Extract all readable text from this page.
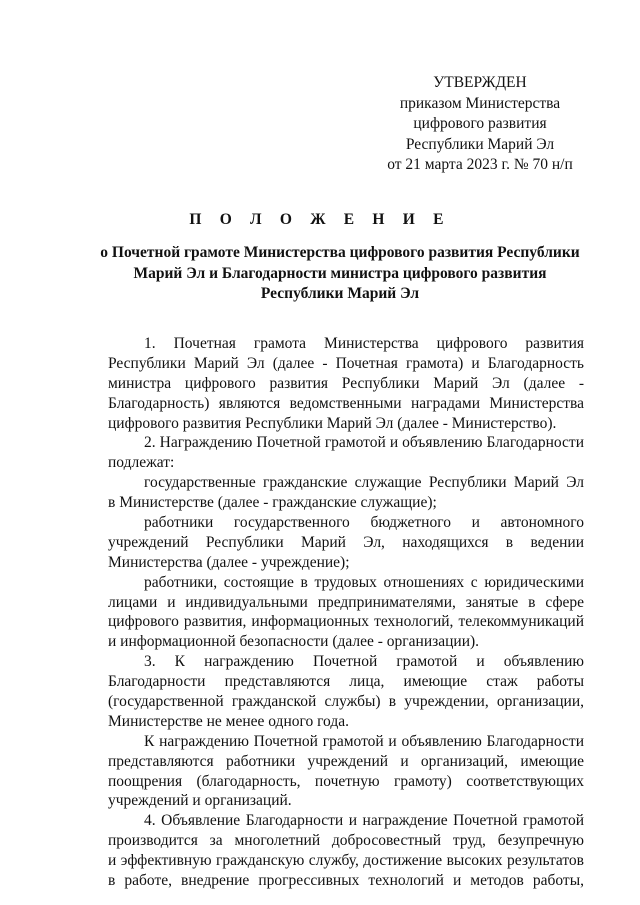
УТВЕРЖДЕН
приказом Министерства
цифрового развития
Республики Марий Эл
от 21 марта 2023 г. № 70 н/п
П О Л О Ж Е Н И Е
о Почетной грамоте Министерства цифрового развития Республики
Марий Эл и Благодарности министра цифрового развития
Республики Марий Эл
1. Почетная грамота Министерства цифрового развития
Республики Марий Эл (далее - Почетная грамота) и Благодарность
министра цифрового развития Республики Марий Эл (далее -
Благодарность) являются ведомственными наградами Министерства
цифрового развития Республики Марий Эл (далее - Министерство).
2. Награждению Почетной грамотой и объявлению Благодарности
подлежат:
государственные гражданские служащие Республики Марий Эл
в Министерстве (далее - гражданские служащие);
работники государственного бюджетного и автономного
учреждений Республики Марий Эл, находящихся в ведении
Министерства (далее - учреждение);
работники, состоящие в трудовых отношениях с юридическими
лицами и индивидуальными предпринимателями, занятые в сфере
цифрового развития, информационных технологий, телекоммуникаций
и информационной безопасности (далее - организации).
3. К награждению Почетной грамотой и объявлению
Благодарности представляются лица, имеющие стаж работы
(государственной гражданской службы) в учреждении, организации,
Министерстве не менее одного года.
К награждению Почетной грамотой и объявлению Благодарности
представляются работники учреждений и организаций, имеющие
поощрения (благодарность, почетную грамоту) соответствующих
учреждений и организаций.
4. Объявление Благодарности и награждение Почетной грамотой
производится за многолетний добросовестный труд, безупречную
и эффективную гражданскую службу, достижение высоких результатов
в работе, внедрение прогрессивных технологий и методов работы,
